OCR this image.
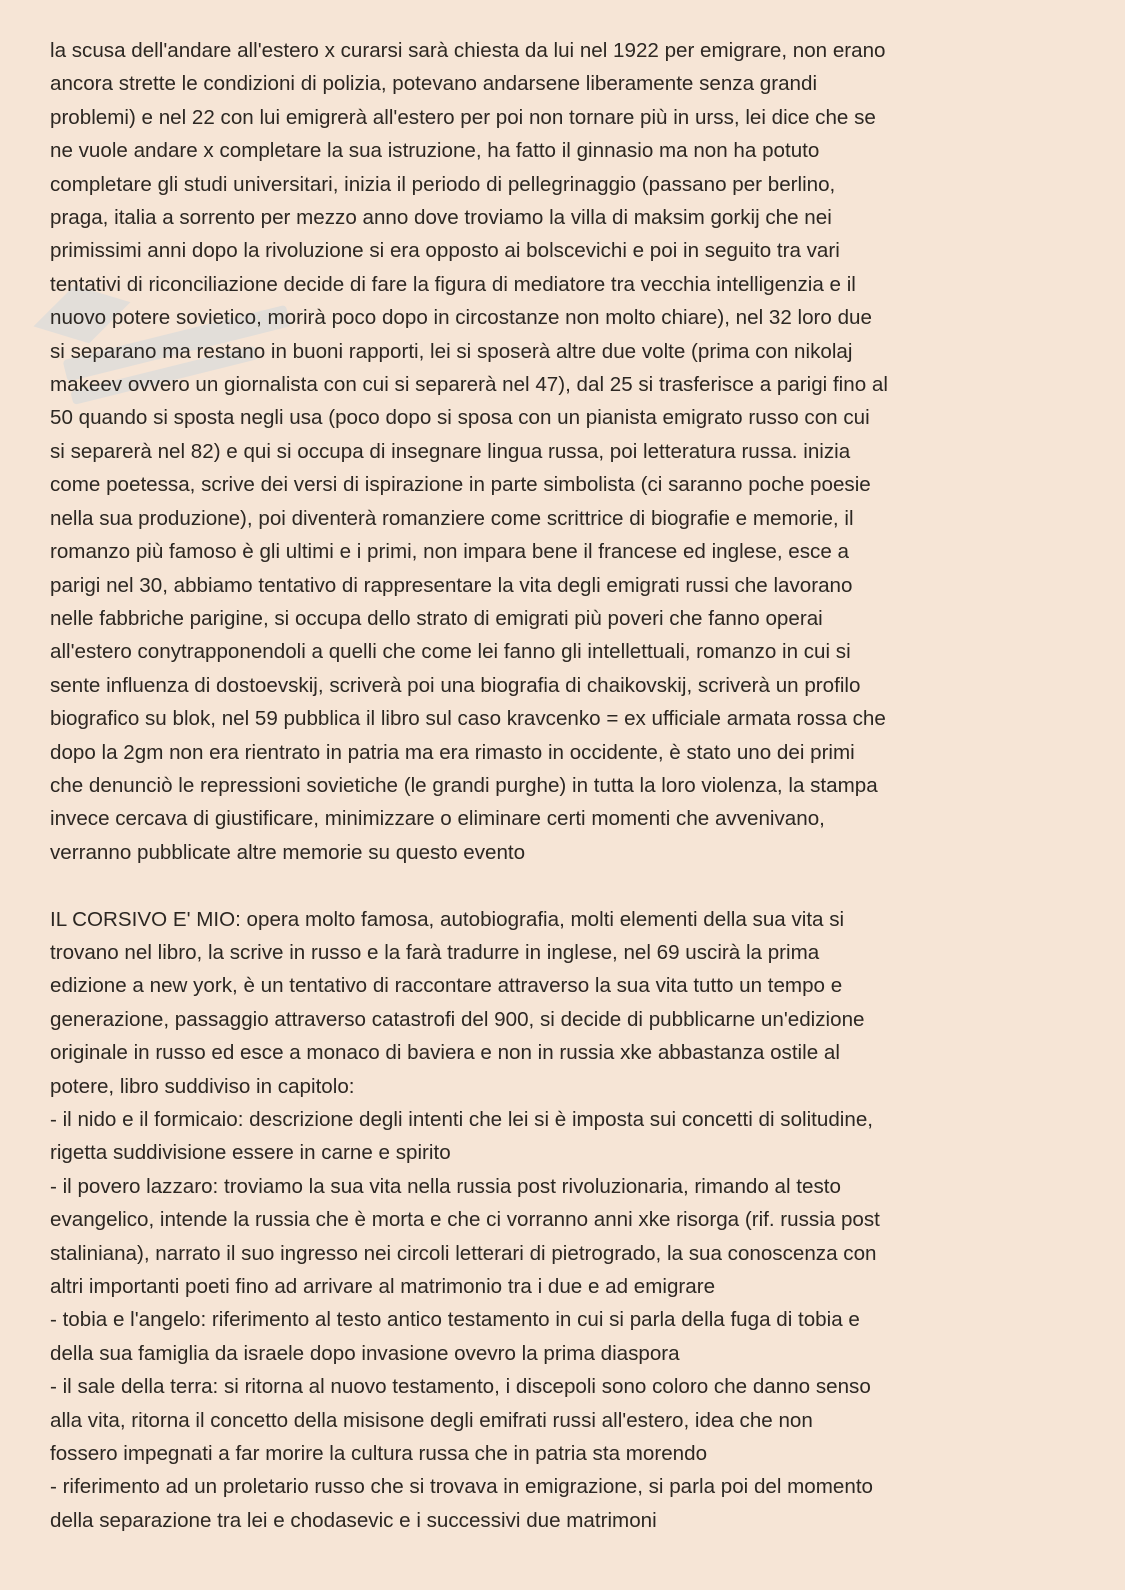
la scusa dell'andare all'estero x curarsi sarà chiesta da lui nel 1922 per emigrare, non erano
ancora strette le condizioni di polizia, potevano andarsene liberamente senza grandi
problemi) e nel 22 con lui emigrerà all'estero per poi non tornare più in urss, lei dice che se
ne vuole andare x completare la sua istruzione, ha fatto il ginnasio ma non ha potuto
completare gli studi universitari, inizia il periodo di pellegrinaggio (passano per berlino,
praga, italia a sorrento per mezzo anno dove troviamo la villa di maksim gorkij che nei
primissimi anni dopo la rivoluzione si era opposto ai bolscevichi e poi in seguito tra vari
tentativi di riconciliazione decide di fare la figura di mediatore tra vecchia intelligenzia e il
nuovo potere sovietico, morirà poco dopo in circostanze non molto chiare), nel 32 loro due
si separano ma restano in buoni rapporti, lei si sposerà altre due volte (prima con nikolaj
makeev ovvero un giornalista con cui si separerà nel 47), dal 25 si trasferisce a parigi fino al
50 quando si sposta negli usa (poco dopo si sposa con un pianista emigrato russo con cui
si separerà nel 82) e qui si occupa di insegnare lingua russa, poi letteratura russa. inizia
come poetessa, scrive dei versi di ispirazione in parte simbolista (ci saranno poche poesie
nella sua produzione), poi diventerà romanziere come scrittrice di biografie e memorie, il
romanzo più famoso è gli ultimi e i primi, non impara bene il francese ed inglese, esce a
parigi nel 30, abbiamo tentativo di rappresentare la vita degli emigrati russi che lavorano
nelle fabbriche parigine, si occupa dello strato di emigrati più poveri che fanno operai
all'estero conytrapponendoli a quelli che come lei fanno gli intellettuali, romanzo in cui si
sente influenza di dostoevskij, scriverà poi una biografia di chaikovskij, scriverà un profilo
biografico su blok, nel 59 pubblica il libro sul caso kravcenko = ex ufficiale armata rossa che
dopo la 2gm non era rientrato in patria ma era rimasto in occidente, è stato uno dei primi
che denunciò le repressioni sovietiche (le grandi purghe) in tutta la loro violenza, la stampa
invece cercava di giustificare, minimizzare o eliminare certi momenti che avvenivano,
verranno pubblicate altre memorie su questo evento
IL CORSIVO E' MIO: opera molto famosa, autobiografia, molti elementi della sua vita si
trovano nel libro, la scrive in russo e la farà tradurre in inglese, nel 69 uscirà la prima
edizione a new york, è un tentativo di raccontare attraverso la sua vita tutto un tempo e
generazione, passaggio attraverso catastrofi del 900, si decide di pubblicarne un'edizione
originale in russo ed esce a monaco di baviera e non in russia xke abbastanza ostile al
potere, libro suddiviso in capitolo:
- il nido e il formicaio: descrizione degli intenti che lei si è imposta sui concetti di solitudine,
rigetta suddivisione essere in carne e spirito
- il povero lazzaro: troviamo la sua vita nella russia post rivoluzionaria, rimando al testo
evangelico, intende la russia che è morta e che ci vorranno anni xke risorga (rif. russia post
staliniana), narrato il suo ingresso nei circoli letterari di pietrogrado, la sua conoscenza con
altri importanti poeti fino ad arrivare al matrimonio tra i due e ad emigrare
- tobia e l'angelo: riferimento al testo antico testamento in cui si parla della fuga di tobia e
della sua famiglia da israele dopo invasione ovevro la prima diaspora
- il sale della terra: si ritorna al nuovo testamento, i discepoli sono coloro che danno senso
alla vita, ritorna il concetto della misisone degli emifrati russi all'estero, idea che non
fossero impegnati a far morire la cultura russa che in patria sta morendo
- riferimento ad un proletario russo che si trovava in emigrazione, si parla poi del momento
della separazione tra lei e chodasevic e i successivi due matrimoni
